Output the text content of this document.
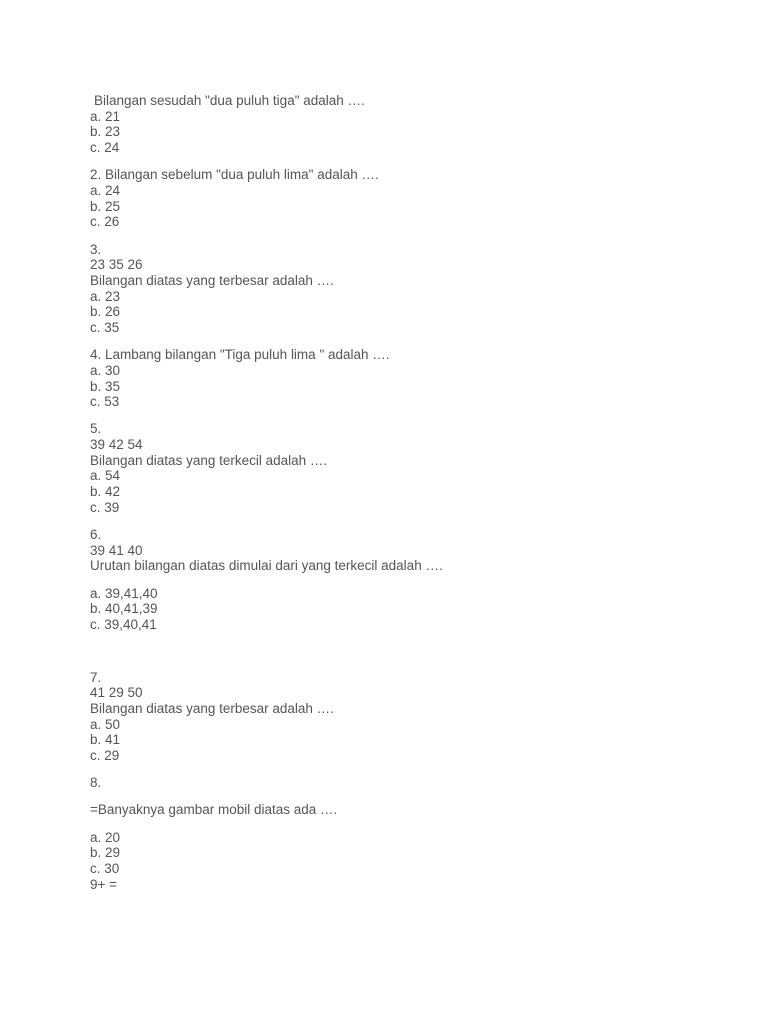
Bilangan sesudah "dua puluh tiga" adalah ….
a. 21
b. 23
c. 24
2. Bilangan sebelum "dua puluh lima" adalah ….
a. 24
b. 25
c. 26
3.
23 35 26
Bilangan diatas yang terbesar adalah ….
a. 23
b. 26
c. 35
4. Lambang bilangan "Tiga puluh lima " adalah ….
a. 30
b. 35
c. 53
5.
39 42 54
Bilangan diatas yang terkecil adalah ….
a. 54
b. 42
c. 39
6.
39 41 40
Urutan bilangan diatas dimulai dari yang terkecil adalah ….
a. 39,41,40
b. 40,41,39
c. 39,40,41
7.
41 29 50
Bilangan diatas yang terbesar adalah ….
a. 50
b. 41
c. 29
8.
=Banyaknya gambar mobil diatas ada ….
a. 20
b. 29
c. 30
9+ =
